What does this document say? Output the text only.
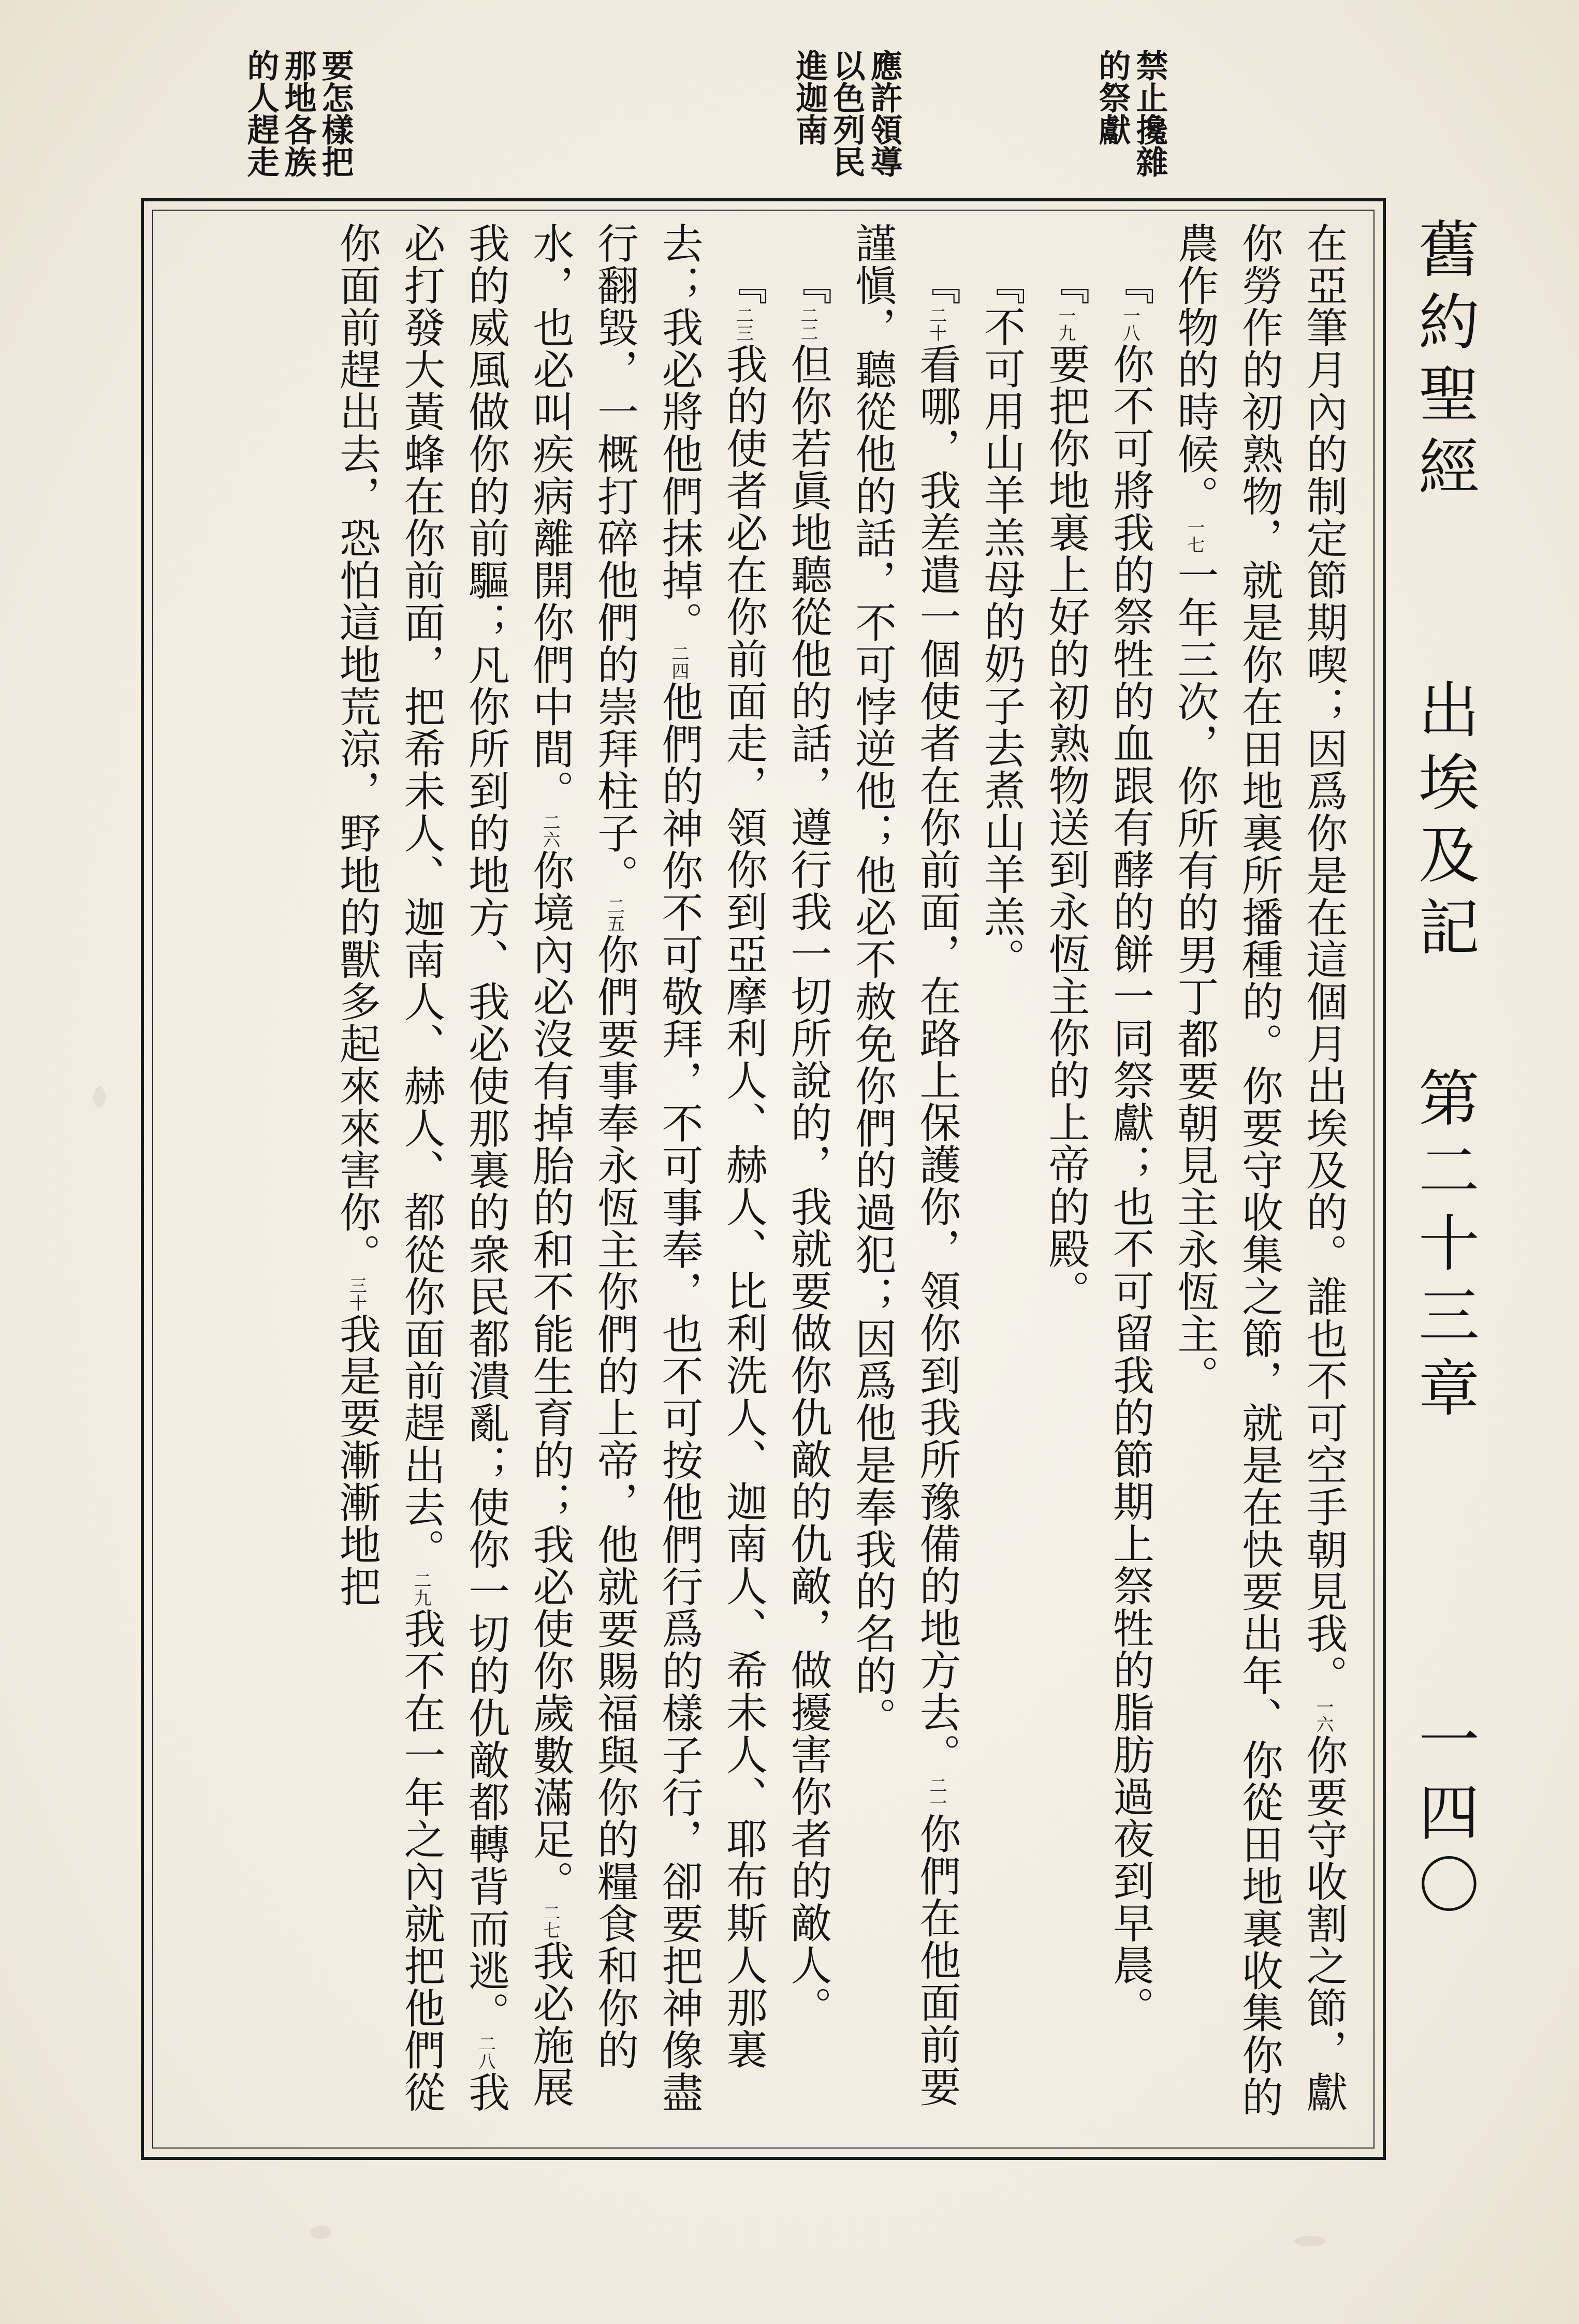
舊約聖經
出埃及記
第二十三章
一四〇
禁止攙雜
的祭獻
應許領導
以色列民
進迦南
要怎樣把
那地各族
的人趕走

在亞筆月內的制定節期喫；因爲你是在這個月出埃及的。誰也不可空手朝見我。$^{一六}$你要守收割之節，獻你勞作的初熟物，就是你在田地裏所播種的。你要守收集之節，就是在快要出年、你從田地裏收集你的農作物的時候。$^{一七}$一年三次，你所有的男丁都要朝見主永恆主。

『$^{一八}$你不可將我的祭牲的血跟有酵的餅一同祭獻；也不可留我的節期上祭牲的脂肪過夜到早晨。

『$^{一九}$要把你地裏上好的初熟物送到永恆主你的上帝的殿。

『不可用山羊羔母的奶子去煮山羊羔。

『$^{二十}$看哪，我差遣一個使者在你前面，在路上保護你，領你到我所豫備的地方去。$^{二一}$你們在他面前要謹愼，聽從他的話，不可悖逆他；他必不赦免你們的過犯；因爲他是奉我的名的。

『$^{二二}$但你若眞地聽從他的話，遵行我一切所說的，我就要做你仇敵的仇敵，做擾害你者的敵人。

『$^{二三}$我的使者必在你前面走，領你到亞摩利人、赫人、比利洗人、迦南人、希未人、耶布斯人那裏去；我必將他們抹掉。$^{二四}$他們的神你不可敬拜，不可事奉，也不可按他們行爲的樣子行，卻要把神像盡行翻毀，一概打碎他們的崇拜柱子。$^{二五}$你們要事奉永恆主你們的上帝，他就要賜福與你的糧食和你的水，也必叫疾病離開你們中間。$^{二六}$你境內必沒有掉胎的和不能生育的；我必使你歲數滿足。$^{二七}$我必施展我的威風做你的前驅；凡你所到的地方、我必使那裏的衆民都潰亂；使你一切的仇敵都轉背而逃。$^{二八}$我必打發大黃蜂在你前面，把希未人、迦南人、赫人、都從你面前趕出去。$^{二九}$我不在一年之內就把他們從你面前趕出去，恐怕這地荒涼，野地的獸多起來來害你。$^{三十}$我是要漸漸地把
